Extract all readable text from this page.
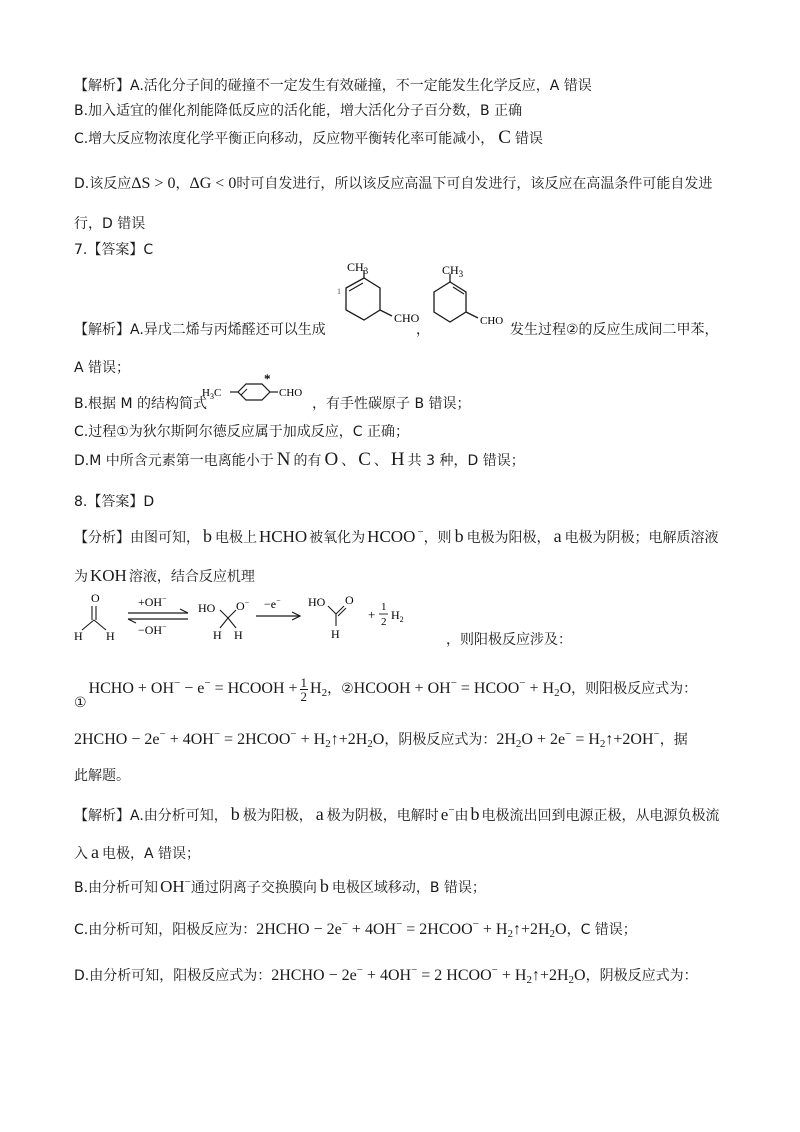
【解析】A.活化分子间的碰撞不一定发生有效碰撞，不一定能发生化学反应，A 错误
B.加入适宜的催化剂能降低反应的活化能，增大活化分子百分数，B 正确
C.增大反应物浓度化学平衡正向移动，反应物平衡转化率可能减小， C 错误
D.该反应ΔS > 0，ΔG < 0时可自发进行，所以该反应高温下可自发进行，该反应在高温条件可能自发进
行，D 错误
7.【答案】C
$CH_3$
CHO
1
$CH_3$
CHO
【解析】A.异戊二烯与丙烯醛还可以生成	，	发生过程②的反应生成间二甲苯，
A 错误；
B.根据 M 的结构简式
$H_3C$
*
CHO
，有手性碳原子 B 错误；
C.过程①为狄尔斯阿尔德反应属于加成反应，C 正确；
D.M 中所含元素第一电离能小于 N 的有 O 、 C 、 H 共 3 种，D 错误；
8.【答案】D
【分析】由图可知， b 电极上 HCHO 被氧化为 HCOO −，则 b 电极为阳极， a 电极为阴极；电解质溶液
为 KOH 溶液，结合反应机理
O
H H
+OH−
−OH−
HO O−
H H
−e− HO O
H
+ 1
2 $H_2$
，则阳极反应涉及：
①HCHO + OH− − e− = HCOOH + $\frac{1}{2} H_2$，②HCOOH + OH− = HCOO− + $H_2O$，则阳极反应式为：
2HCHO − 2e− + 4OH− = 2HCOO− + $H_2↑+2H_2O$，阴极反应式为：$2H_2O + 2e^-$ = $H_2↑+2OH^-$，据
此解题。
【解析】A.由分析可知， b 极为阳极， a 极为阴极，电解时 e−由 b 电极流出回到电源正极，从电源负极流
入 a 电极，A 错误；
B.由分析可知 OH−通过阴离子交换膜向 b 电极区域移动，B 错误；
C.由分析可知，阳极反应为：2HCHO − 2e− + 4OH− = 2HCOO− + $H_2↑+2H_2O$，C 错误；
D.由分析可知，阳极反应式为：2HCHO − 2e− + 4OH− = 2 HCOO− + $H_2↑+2H_2O$，阴极反应式为：
